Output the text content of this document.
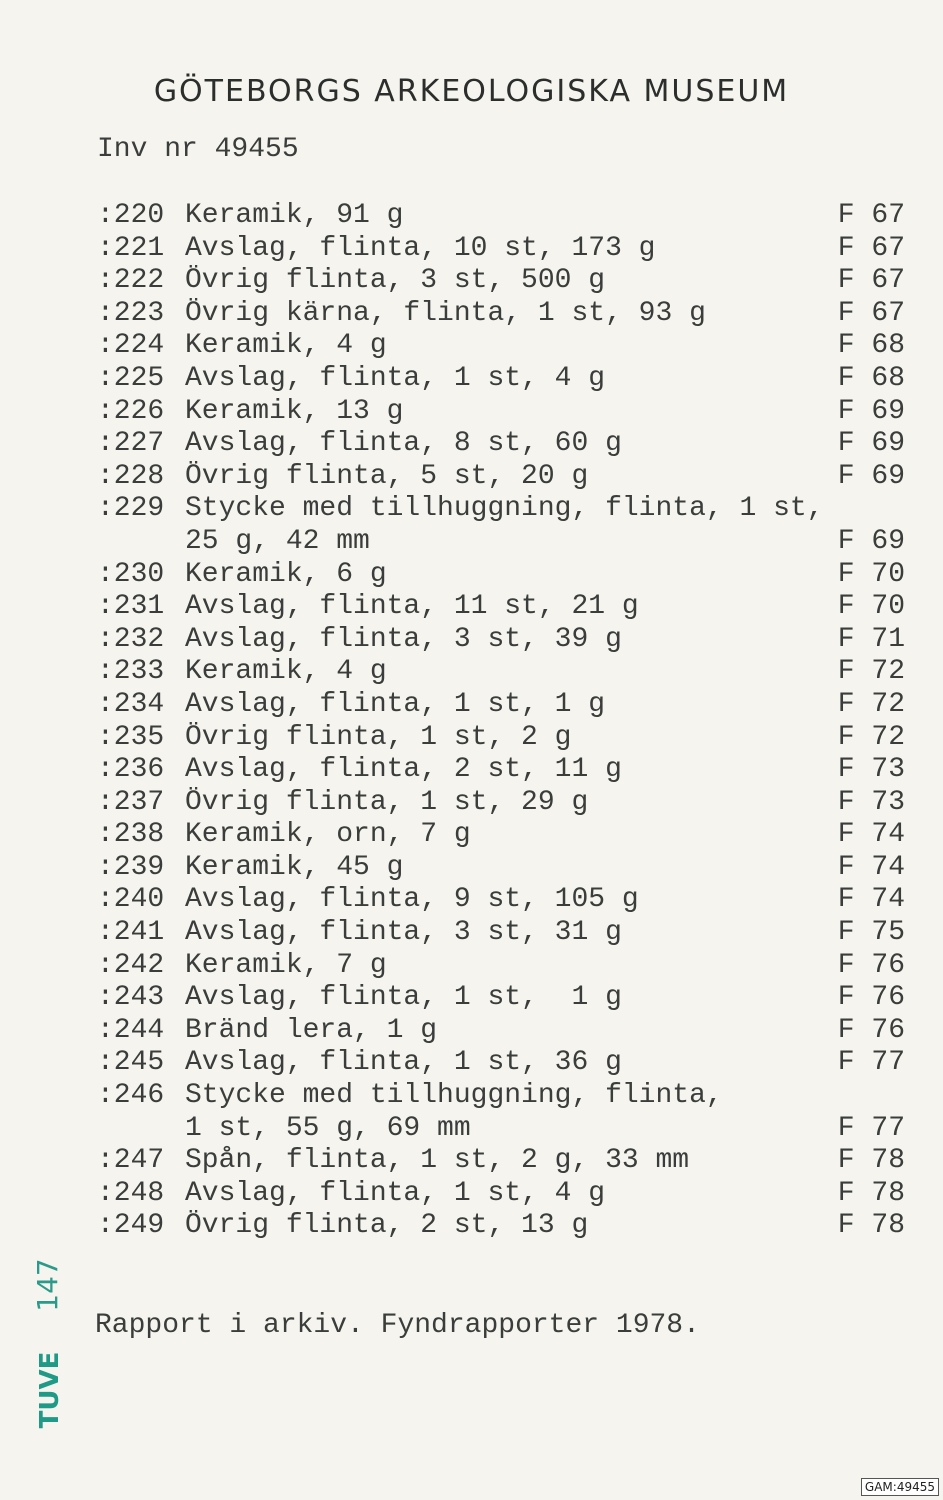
GÖTEBORGS ARKEOLOGISKA MUSEUM
Inv nr 49455
:220 Keramik, 91 g	F 67
:221 Avslag, flinta, 10 st, 173 g	F 67
:222 Övrig flinta, 3 st, 500 g	F 67
:223 Övrig kärna, flinta, 1 st, 93 g	F 67
:224 Keramik, 4 g	F 68
:225 Avslag, flinta, 1 st, 4 g	F 68
:226 Keramik, 13 g	F 69
:227 Avslag, flinta, 8 st, 60 g	F 69
:228 Övrig flinta, 5 st, 20 g	F 69
:229 Stycke med tillhuggning, flinta, 1 st,
25 g, 42 mm	F 69
:230 Keramik, 6 g	F 70
:231 Avslag, flinta, 11 st, 21 g	F 70
:232 Avslag, flinta, 3 st, 39 g	F 71
:233 Keramik, 4 g	F 72
:234 Avslag, flinta, 1 st, 1 g	F 72
:235 Övrig flinta, 1 st, 2 g	F 72
:236 Avslag, flinta, 2 st, 11 g	F 73
:237 Övrig flinta, 1 st, 29 g	F 73
:238 Keramik, orn, 7 g	F 74
:239 Keramik, 45 g	F 74
:240 Avslag, flinta, 9 st, 105 g	F 74
:241 Avslag, flinta, 3 st, 31 g	F 75
:242 Keramik, 7 g	F 76
:243 Avslag, flinta, 1 st,  1 g	F 76
:244 Bränd lera, 1 g	F 76
:245 Avslag, flinta, 1 st, 36 g	F 77
:246 Stycke med tillhuggning, flinta,
1 st, 55 g, 69 mm	F 77
:247 Spån, flinta, 1 st, 2 g, 33 mm	F 78
:248 Avslag, flinta, 1 st, 4 g	F 78
:249 Övrig flinta, 2 st, 13 g	F 78
Rapport i arkiv. Fyndrapporter 1978.
147
TUVE
GAM:49455
